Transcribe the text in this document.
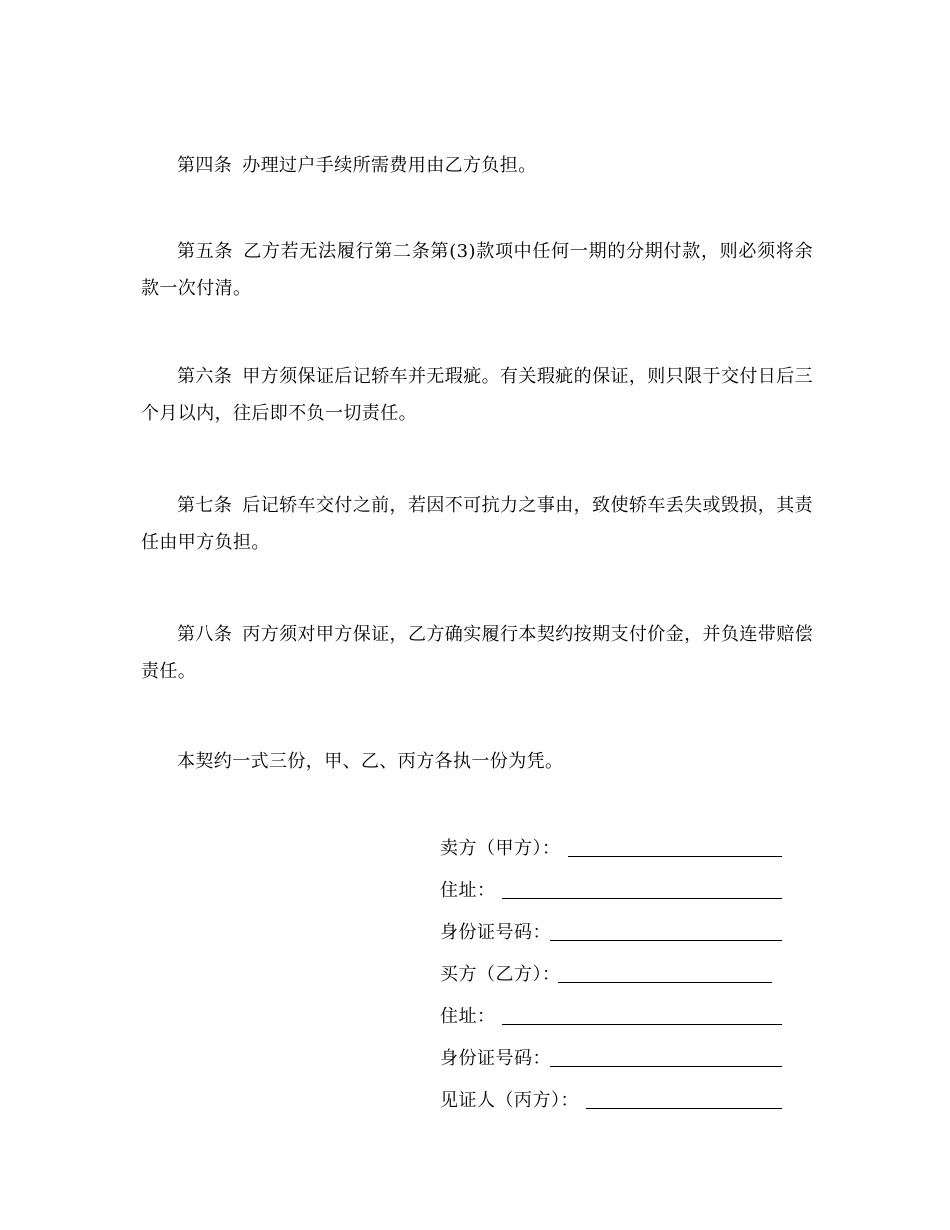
第四条 办理过户手续所需费用由乙方负担。

第五条 乙方若无法履行第二条第(3)款项中任何一期的分期付款，则必须将余款一次付清。

第六条 甲方须保证后记轿车并无瑕疵。有关瑕疵的保证，则只限于交付日后三个月以内，往后即不负一切责任。

第七条 后记轿车交付之前，若因不可抗力之事由，致使轿车丢失或毁损，其责任由甲方负担。

第八条 丙方须对甲方保证，乙方确实履行本契约按期支付价金，并负连带赔偿责任。

本契约一式三份，甲、乙、丙方各执一份为凭。

卖方（甲方）：
住址：
身份证号码：
买方（乙方）：
住址：
身份证号码：
见证人（丙方）：
